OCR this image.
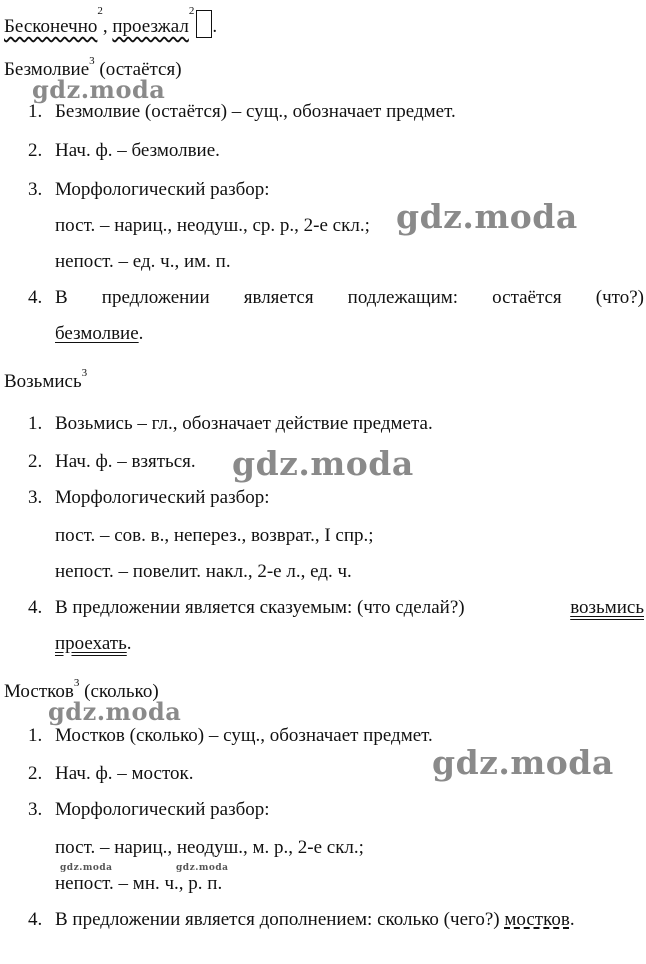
Бесконечно$^2$, проезжал$^2$.
Безмолвие$^3$ (остаётся)
1. Безмолвие (остаётся) – сущ., обозначает предмет.
2. Нач. ф. – безмолвие.
3. Морфологический разбор:
пост. – нариц., неодуш., ср. р., 2-е скл.;
непост. – ед. ч., им. п.
4. В предложении является подлежащим: остаётся (что?)
безмолвие.
Возьмись$^3$
1. Возьмись – гл., обозначает действие предмета.
2. Нач. ф. – взяться.
3. Морфологический разбор:
пост. – сов. в., неперез., возврат., I спр.;
непост. – повелит. накл., 2-е л., ед. ч.
4. В предложении является сказуемым: (что сделай?)	возьмись
проехать.
Мостков$^3$ (сколько)
1. Мостков (сколько) – сущ., обозначает предмет.
2. Нач. ф. – мосток.
3. Морфологический разбор:
пост. – нариц., неодуш., м. р., 2-е скл.;
непост. – мн. ч., р. п.
4. В предложении является дополнением: сколько (чего?) мостков.
gdz.moda
gdz.moda
gdz.moda
gdz.moda
gdz.moda
gdz.moda	gdz.moda
